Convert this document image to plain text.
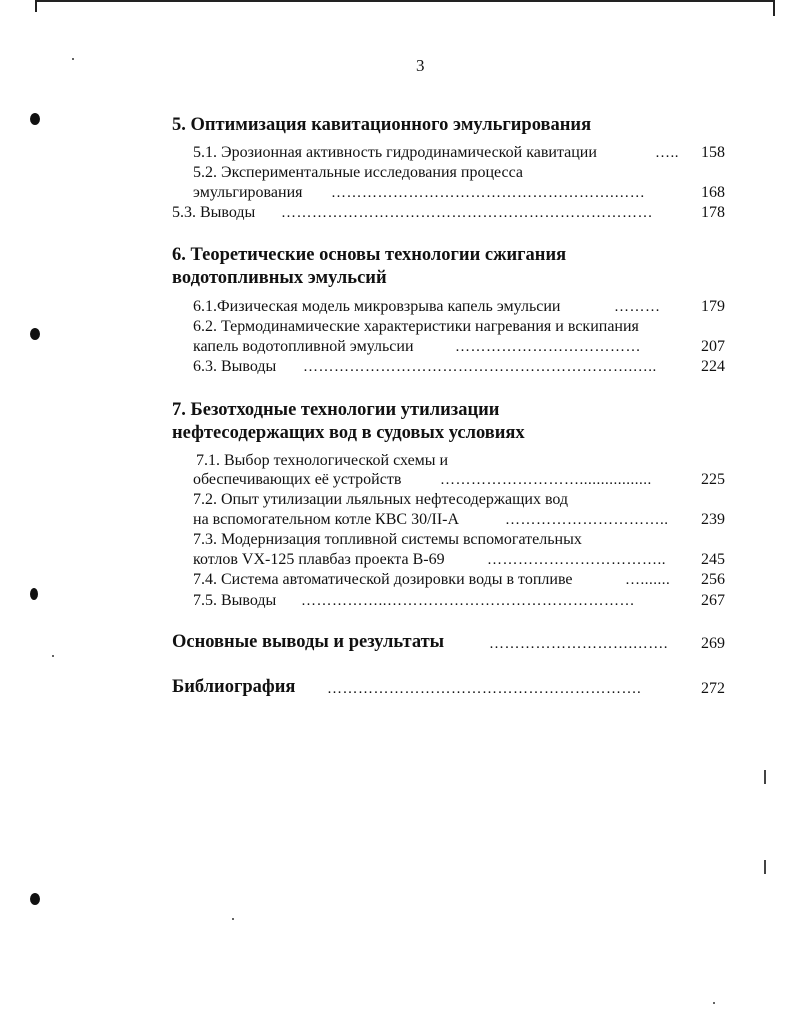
3
5. Оптимизация кавитационного эмульгирования
5.1. Эрозионная активность гидродинамической кавитации	…..	158
5.2. Экспериментальные исследования процесса
эмульгирования ……………………………………………….……	168
5.3. Выводы ………………………………………………………………	178
6. Теоретические основы технологии сжигания
водотопливных эмульсий
6.1.Физическая модель микровзрыва капель эмульсии	………	179
6.2. Термодинамические характеристики нагревания и вскипания
капель водотопливной эмульсии	………………………………	207
6.3. Выводы ……………………………………………………….…..	224
7. Безотходные технологии утилизации
нефтесодержащих вод в судовых условиях
7.1. Выбор технологической схемы и
обеспечивающих её устройств	……………………….................	225
7.2. Опыт утилизации льяльных нефтесодержащих вод
на вспомогательном котле КВС 30/II-А	…………………………..	239
7.3. Модернизация топливной системы вспомогательных
котлов VX-125 плавбаз проекта В-69	……………………………..	245
7.4. Система автоматической дозировки воды в топливе	….......	256
7.5. Выводы ……………..…………………………………………	267
Основные выводы и результаты	……………………….…….	269
Библиография …………………………………………………….	272
